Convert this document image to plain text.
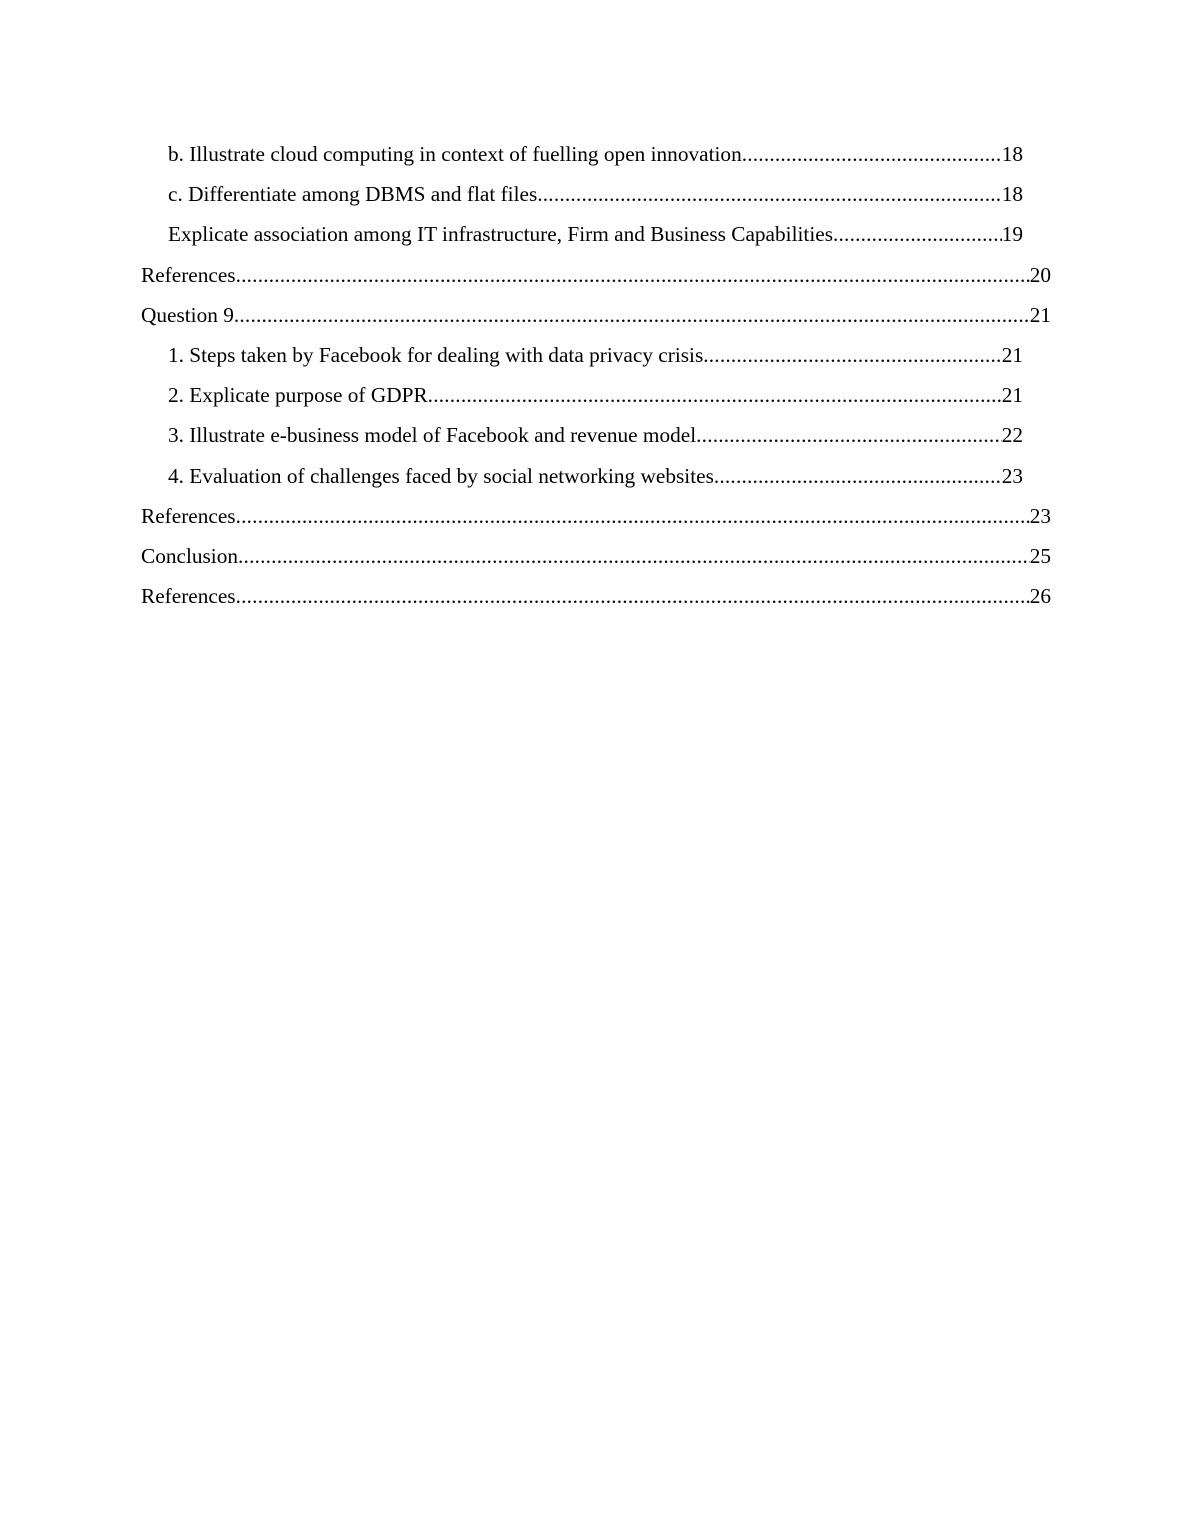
b. Illustrate cloud computing in context of fuelling open innovation .....	18
c. Differentiate among DBMS and flat files .....	18
Explicate association among IT infrastructure, Firm and Business Capabilities .....	19
References .....	20
Question 9 .....	21
1. Steps taken by Facebook for dealing with data privacy crisis .....	21
2. Explicate purpose of GDPR .....	21
3. Illustrate e-business model of Facebook and revenue model .....	22
4. Evaluation of challenges faced by social networking websites .....	23
References .....	23
Conclusion .....	25
References .....	26
